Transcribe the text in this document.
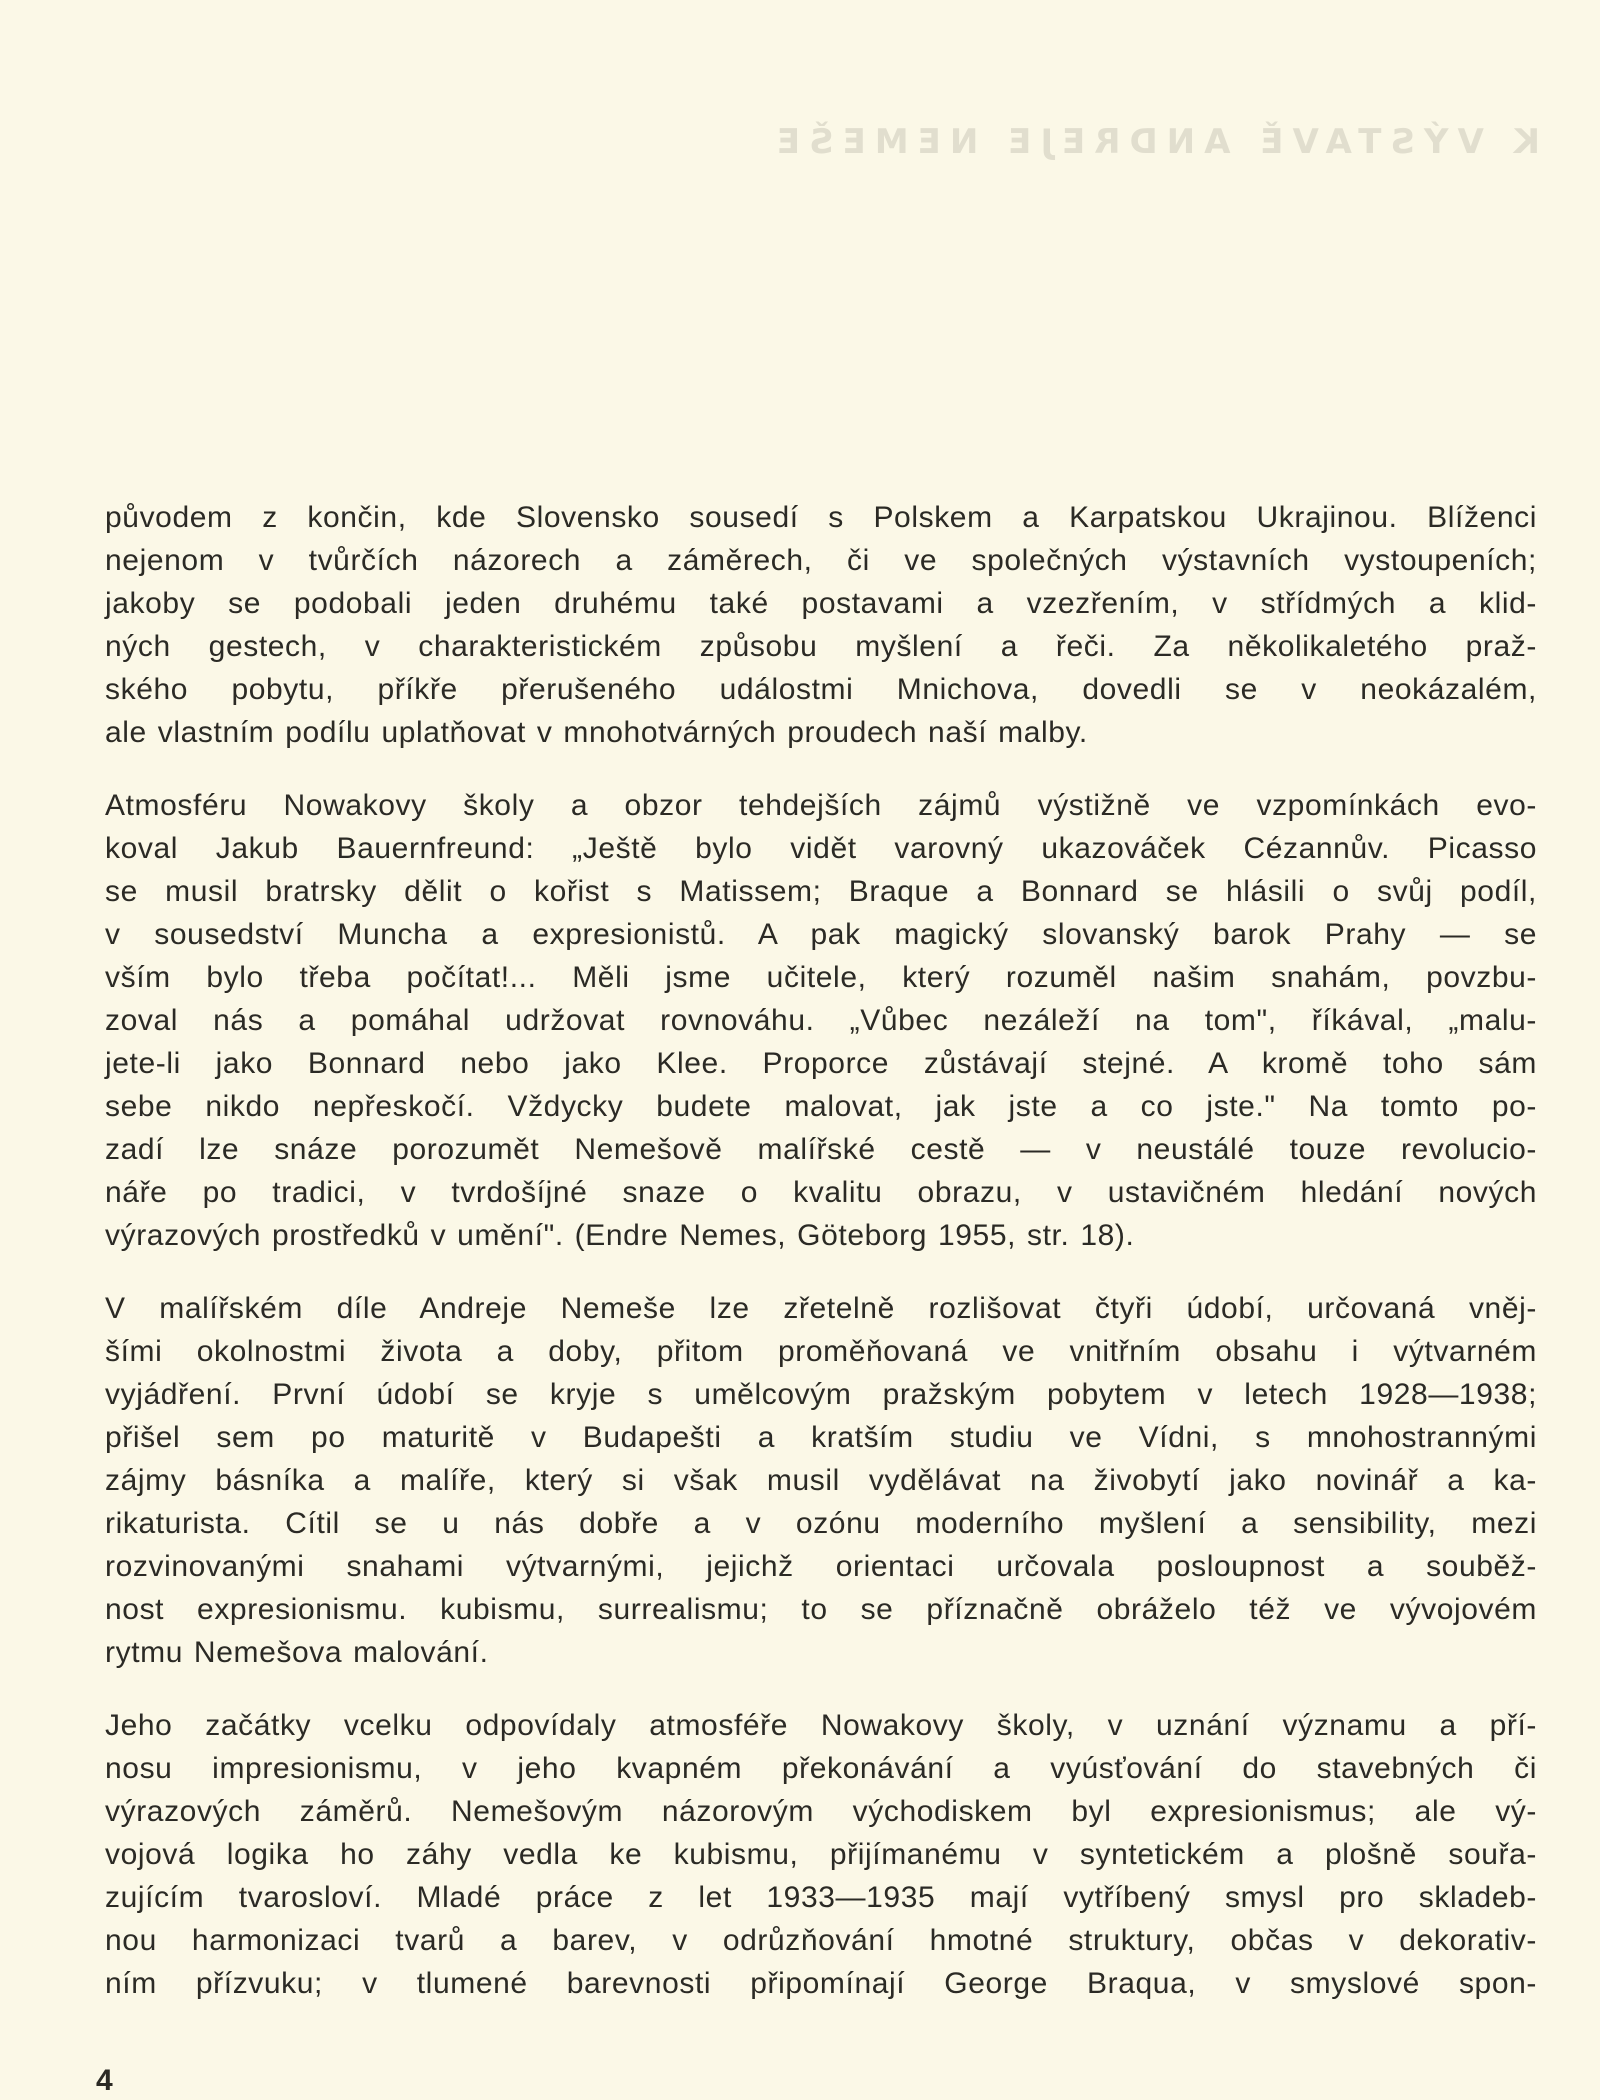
K VÝSTAVĚ ANDREJE NEMEŠE
původem z končin, kde Slovensko sousedí s Polskem a Karpatskou Ukrajinou. Blíženci
nejenom v tvůrčích názorech a záměrech, či ve společných výstavních vystoupeních;
jakoby se podobali jeden druhému také postavami a vzezřením, v střídmých a klid-
ných gestech, v charakteristickém způsobu myšlení a řeči. Za několikaletého praž-
ského pobytu, příkře přerušeného událostmi Mnichova, dovedli se v neokázalém,
ale vlastním podílu uplatňovat v mnohotvárných proudech naší malby.
Atmosféru Nowakovy školy a obzor tehdejších zájmů výstižně ve vzpomínkách evo-
koval Jakub Bauernfreund: „Ještě bylo vidět varovný ukazováček Cézannův. Picasso
se musil bratrsky dělit o kořist s Matissem; Braque a Bonnard se hlásili o svůj podíl,
v sousedství Muncha a expresionistů. A pak magický slovanský barok Prahy — se
vším bylo třeba počítat!... Měli jsme učitele, který rozuměl našim snahám, povzbu-
zoval nás a pomáhal udržovat rovnováhu. „Vůbec nezáleží na tom", říkával, „malu-
jete-li jako Bonnard nebo jako Klee. Proporce zůstávají stejné. A kromě toho sám
sebe nikdo nepřeskočí. Vždycky budete malovat, jak jste a co jste." Na tomto po-
zadí lze snáze porozumět Nemešově malířské cestě — v neustálé touze revolucio-
náře po tradici, v tvrdošíjné snaze o kvalitu obrazu, v ustavičném hledání nových
výrazových prostředků v umění". (Endre Nemes, Göteborg 1955, str. 18).
V malířském díle Andreje Nemeše lze zřetelně rozlišovat čtyři údobí, určovaná vněj-
šími okolnostmi života a doby, přitom proměňovaná ve vnitřním obsahu i výtvarném
vyjádření. První údobí se kryje s umělcovým pražským pobytem v letech 1928—1938;
přišel sem po maturitě v Budapešti a kratším studiu ve Vídni, s mnohostrannými
zájmy básníka a malíře, který si však musil vydělávat na živobytí jako novinář a ka-
rikaturista. Cítil se u nás dobře a v ozónu moderního myšlení a sensibility, mezi
rozvinovanými snahami výtvarnými, jejichž orientaci určovala posloupnost a souběž-
nost expresionismu. kubismu, surrealismu; to se příznačně obráželo též ve vývojovém
rytmu Nemešova malování.
Jeho začátky vcelku odpovídaly atmosféře Nowakovy školy, v uznání významu a pří-
nosu impresionismu, v jeho kvapném překonávání a vyúsťování do stavebných či
výrazových záměrů. Nemešovým názorovým východiskem byl expresionismus; ale vý-
vojová logika ho záhy vedla ke kubismu, přijímanému v syntetickém a plošně souřa-
zujícím tvarosloví. Mladé práce z let 1933—1935 mají vytříbený smysl pro skladeb-
nou harmonizaci tvarů a barev, v odrůzňování hmotné struktury, občas v dekorativ-
ním přízvuku; v tlumené barevnosti připomínají George Braqua, v smyslové spon-
4
